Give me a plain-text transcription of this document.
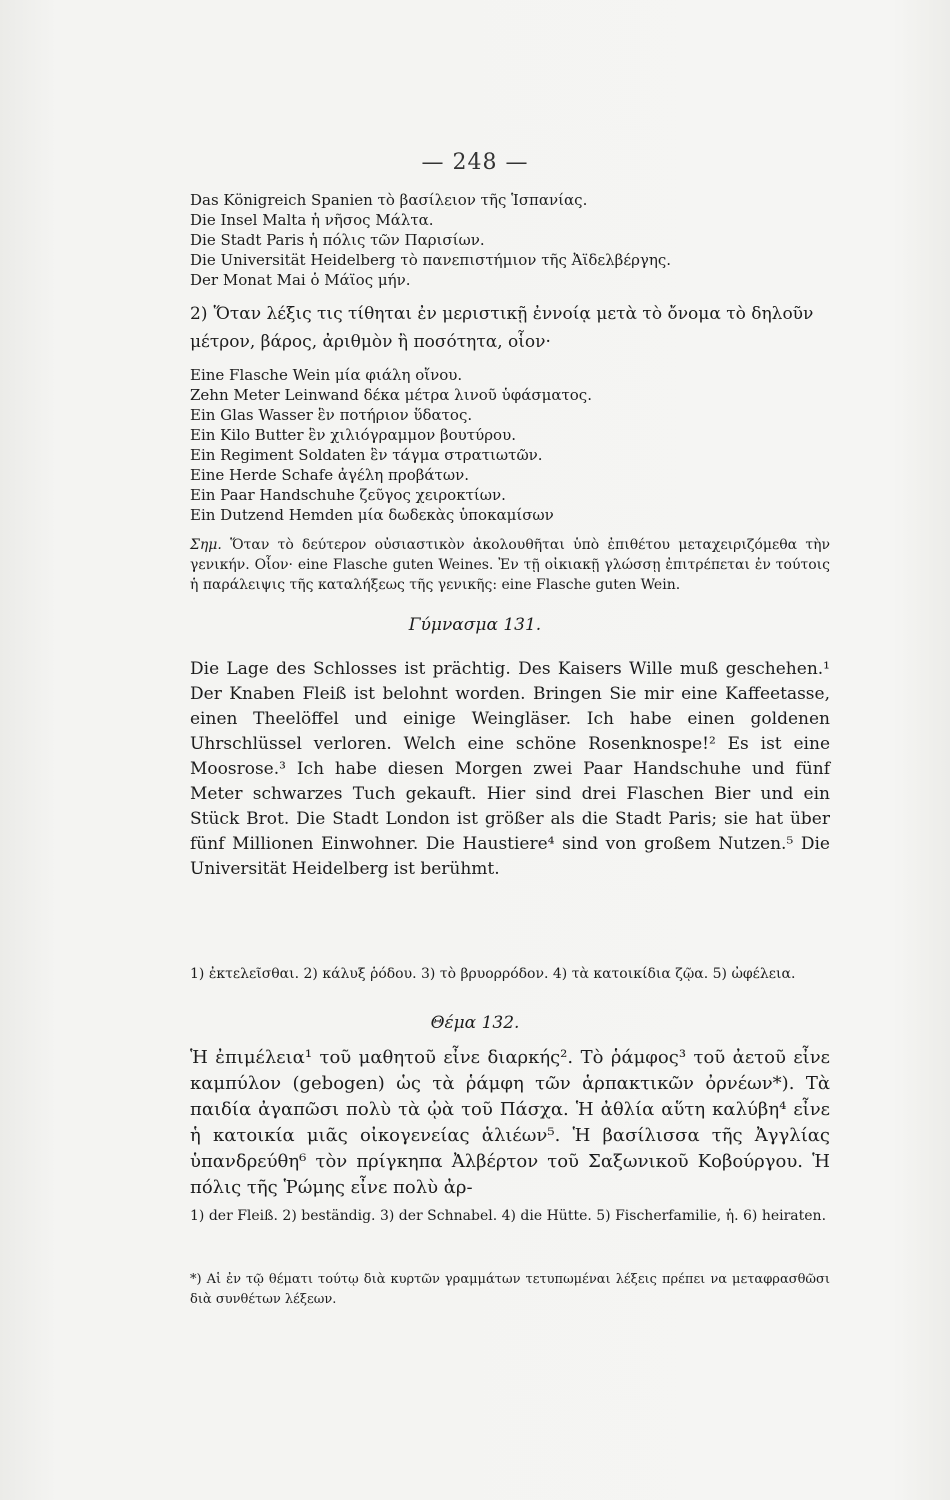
— 248 —
Das Königreich Spanien τὸ βασίλειον τῆς Ἱσπανίας.
Die Insel Malta ἡ νῆσος Μάλτα.
Die Stadt Paris ἡ πόλις τῶν Παρισίων.
Die Universität Heidelberg τὸ πανεπιστήμιον τῆς Ἀϊδελβέργης.
Der Monat Mai ὁ Μάϊος μήν.
2) Ὅταν λέξις τις τίθηται ἐν μεριστικῇ ἐννοίᾳ μετὰ τὸ ὄνομα τὸ δηλοῦν μέτρον, βάρος, ἀριθμὸν ἢ ποσότητα, οἷον·
Eine Flasche Wein μία φιάλη οἴνου.
Zehn Meter Leinwand δέκα μέτρα λινοῦ ὑφάσματος.
Ein Glas Wasser ἓν ποτήριον ὕδατος.
Ein Kilo Butter ἓν χιλιόγραμμον βουτύρου.
Ein Regiment Soldaten ἓν τάγμα στρατιωτῶν.
Eine Herde Schafe ἀγέλη προβάτων.
Ein Paar Handschuhe ζεῦγος χειροκτίων.
Ein Dutzend Hemden μία δωδεκὰς ὑποκαμίσων
Σημ. Ὅταν τὸ δεύτερον οὐσιαστικὸν ἀκολουθῆται ὑπὸ ἐπιθέτου μεταχειριζόμεθα τὴν γενικήν. Οἷον· eine Flasche guten Weines. Ἐν τῇ οἰκιακῇ γλώσσῃ ἐπιτρέπεται ἐν τούτοις ἡ παράλειψις τῆς καταλήξεως τῆς γενικῆς: eine Flasche guten Wein.
Γύμνασμα 131.
Die Lage des Schlosses ist prächtig. Des Kaisers Wille muß geschehen.¹ Der Knaben Fleiß ist belohnt worden. Bringen Sie mir eine Kaffeetasse, einen Theelöffel und einige Weingläser. Ich habe einen goldenen Uhrschlüssel verloren. Welch eine schöne Rosenknospe!² Es ist eine Moosrose.³ Ich habe diesen Morgen zwei Paar Handschuhe und fünf Meter schwarzes Tuch gekauft. Hier sind drei Flaschen Bier und ein Stück Brot. Die Stadt London ist größer als die Stadt Paris; sie hat über fünf Millionen Einwohner. Die Haustiere⁴ sind von großem Nutzen.⁵ Die Universität Heidelberg ist berühmt.
1) ἐκτελεῖσθαι. 2) κάλυξ ῥόδου. 3) τὸ βρυορρόδον. 4) τὰ κατοικίδια ζῷα. 5) ὠφέλεια.
Θέμα 132.
Ἡ ἐπιμέλεια¹ τοῦ μαθητοῦ εἶνε διαρκής². Τὸ ῥάμφος³ τοῦ ἀετοῦ εἶνε καμπύλον (gebogen) ὡς τὰ ῥάμφη τῶν ἁρπακτικῶν ὀρνέων*). Τὰ παιδία ἀγαπῶσι πολὺ τὰ ᾠὰ τοῦ Πάσχα. Ἡ ἀθλία αὕτη καλύβη⁴ εἶνε ἡ κατοικία μιᾶς οἰκογενείας ἁλιέων⁵. Ἡ βασίλισσα τῆς Ἀγγλίας ὑπανδρεύθη⁶ τὸν πρίγκηπα Ἀλβέρτον τοῦ Σαξωνικοῦ Κοβούργου. Ἡ πόλις τῆς Ῥώμης εἶνε πολὺ ἀρ-
1) der Fleiß. 2) beständig. 3) der Schnabel. 4) die Hütte. 5) Fischerfamilie, ἡ. 6) heiraten.
*) Αἱ ἐν τῷ θέματι τούτῳ διὰ κυρτῶν γραμμάτων τετυπωμέναι λέξεις πρέπει να μεταφρασθῶσι διὰ συνθέτων λέξεων.
